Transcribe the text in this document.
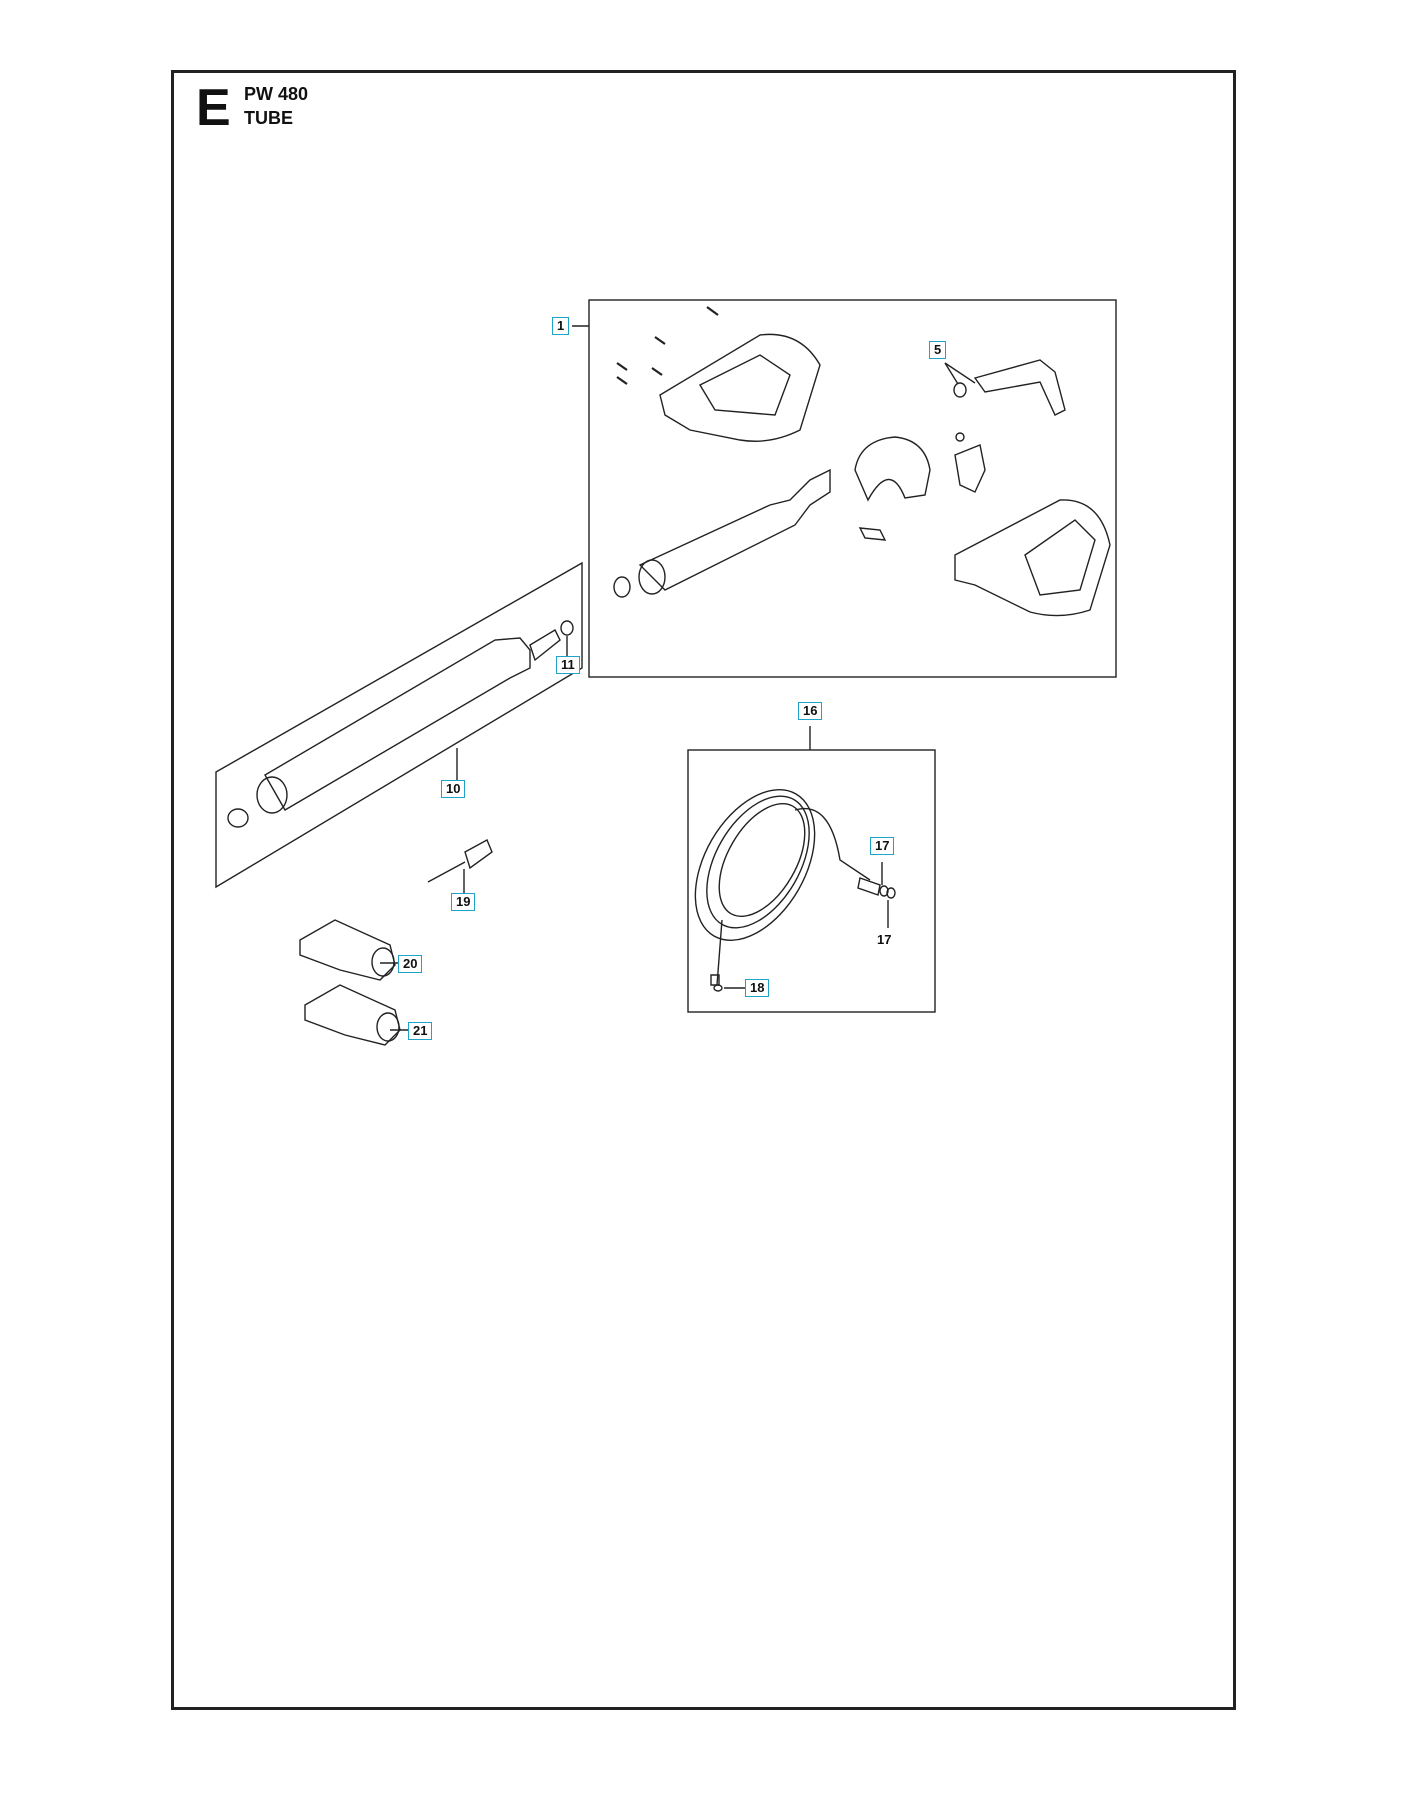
E PW 480
TUBE
1
5
11
10
16
17
17
18
19
20
21
